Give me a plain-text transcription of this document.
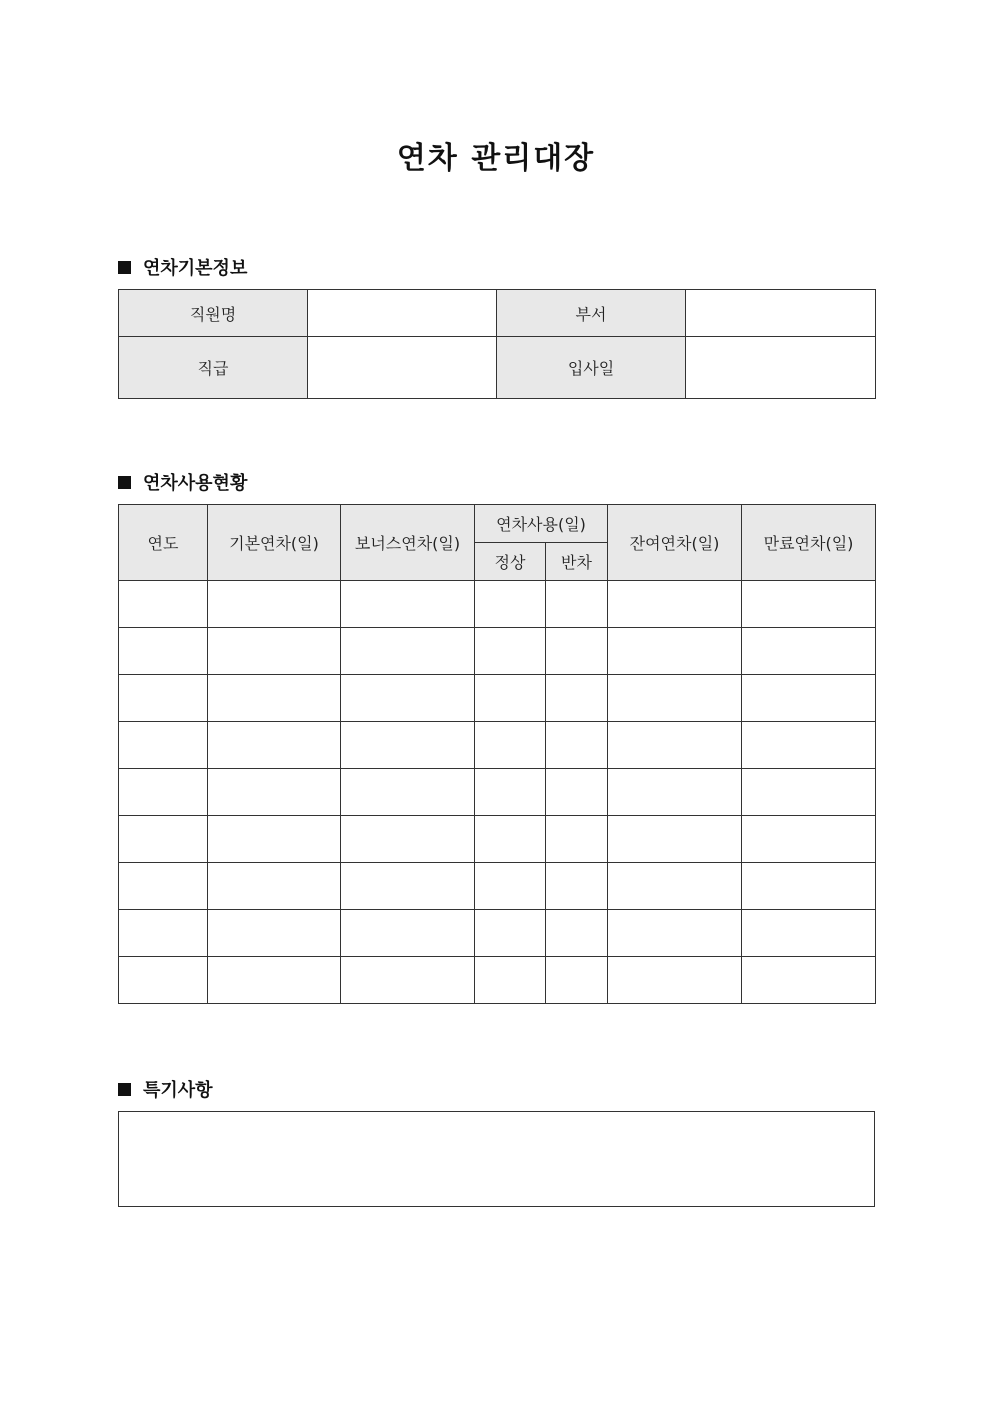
연차 관리대장
연차기본정보
직원명		부서	
직급		입사일	
연차사용현황
연도	기본연차(일)	보너스연차(일)	연차사용(일)		잔여연차(일)	만료연차(일)
			정상	반차		

특기사항
